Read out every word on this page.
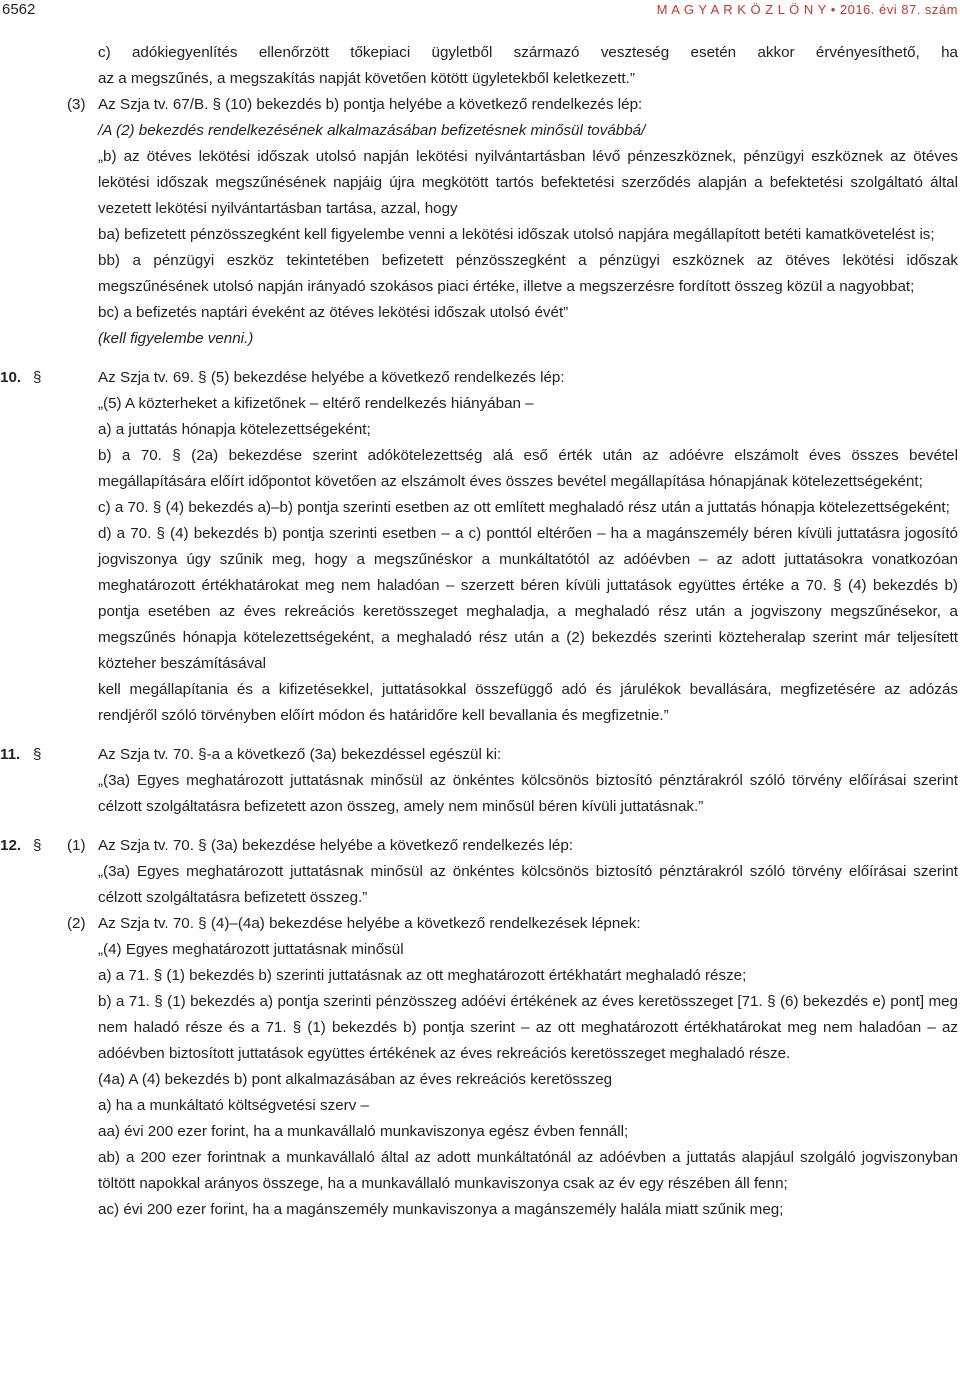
6562	M A G Y A R K Ö Z L Ö N Y • 2016. évi 87. szám

c) adókiegyenlítés ellenőrzött tőkepiaci ügyletből származó veszteség esetén akkor érvényesíthető, ha

az a megszűnés, a megszakítás napját követően kötött ügyletekből keletkezett.”

(3) Az Szja tv. 67/B. § (10) bekezdés b) pontja helyébe a következő rendelkezés lép:

/A (2) bekezdés rendelkezésének alkalmazásában befizetésnek minősül továbbá/

„b) az ötéves lekötési időszak utolsó napján lekötési nyilvántartásban lévő pénzeszköznek, pénzügyi eszköznek az ötéves lekötési időszak megszűnésének napjáig újra megkötött tartós befektetési szerződés alapján a befektetési szolgáltató által vezetett lekötési nyilvántartásban tartása, azzal, hogy

ba) befizetett pénzösszegként kell figyelembe venni a lekötési időszak utolsó napjára megállapított betéti kamatkövetelést is;

bb) a pénzügyi eszköz tekintetében befizetett pénzösszegként a pénzügyi eszköznek az ötéves lekötési időszak megszűnésének utolsó napján irányadó szokásos piaci értéke, illetve a megszerzésre fordított összeg közül a nagyobbat;

bc) a befizetés naptári éveként az ötéves lekötési időszak utolsó évét”

(kell figyelembe venni.)

10. §	Az Szja tv. 69. § (5) bekezdése helyébe a következő rendelkezés lép:

„(5) A közterheket a kifizetőnek – eltérő rendelkezés hiányában –

a) a juttatás hónapja kötelezettségeként;

b) a 70. § (2a) bekezdése szerint adókötelezettség alá eső érték után az adóévre elszámolt éves összes bevétel megállapítására előírt időpontot követően az elszámolt éves összes bevétel megállapítása hónapjának kötelezettségeként;

c) a 70. § (4) bekezdés a)–b) pontja szerinti esetben az ott említett meghaladó rész után a juttatás hónapja kötelezettségeként;

d) a 70. § (4) bekezdés b) pontja szerinti esetben – a c) ponttól eltérően – ha a magánszemély béren kívüli juttatásra jogosító jogviszonya úgy szűnik meg, hogy a megszűnéskor a munkáltatótól az adóévben – az adott juttatásokra vonatkozóan meghatározott értékhatárokat meg nem haladóan – szerzett béren kívüli juttatások együttes értéke a 70. § (4) bekezdés b) pontja esetében az éves rekreációs keretösszeget meghaladja, a meghaladó rész után a jogviszony megszűnésekor, a megszűnés hónapja kötelezettségeként, a meghaladó rész után a (2) bekezdés szerinti közteheralap szerint már teljesített közteher beszámításával

kell megállapítania és a kifizetésekkel, juttatásokkal összefüggő adó és járulékok bevallására, megfizetésére az adózás rendjéről szóló törvényben előírt módon és határidőre kell bevallania és megfizetnie.”

11. §	Az Szja tv. 70. §-a a következő (3a) bekezdéssel egészül ki:

„(3a) Egyes meghatározott juttatásnak minősül az önkéntes kölcsönös biztosító pénztárakról szóló törvény előírásai szerint célzott szolgáltatásra befizetett azon összeg, amely nem minősül béren kívüli juttatásnak.”

12. § (1) Az Szja tv. 70. § (3a) bekezdése helyébe a következő rendelkezés lép:

„(3a) Egyes meghatározott juttatásnak minősül az önkéntes kölcsönös biztosító pénztárakról szóló törvény előírásai szerint célzott szolgáltatásra befizetett összeg.”

(2) Az Szja tv. 70. § (4)–(4a) bekezdése helyébe a következő rendelkezések lépnek:

„(4) Egyes meghatározott juttatásnak minősül

a) a 71. § (1) bekezdés b) szerinti juttatásnak az ott meghatározott értékhatárt meghaladó része;

b) a 71. § (1) bekezdés a) pontja szerinti pénzösszeg adóévi értékének az éves keretösszeget [71. § (6) bekezdés e) pont] meg nem haladó része és a 71. § (1) bekezdés b) pontja szerint – az ott meghatározott értékhatárokat meg nem haladóan – az adóévben biztosított juttatások együttes értékének az éves rekreációs keretösszeget meghaladó része.

(4a) A (4) bekezdés b) pont alkalmazásában az éves rekreációs keretösszeg

a) ha a munkáltató költségvetési szerv –

aa) évi 200 ezer forint, ha a munkavállaló munkaviszonya egész évben fennáll;

ab) a 200 ezer forintnak a munkavállaló által az adott munkáltatónál az adóévben a juttatás alapjául szolgáló jogviszonyban töltött napokkal arányos összege, ha a munkavállaló munkaviszonya csak az év egy részében áll fenn;

ac) évi 200 ezer forint, ha a magánszemély munkaviszonya a magánszemély halála miatt szűnik meg;
